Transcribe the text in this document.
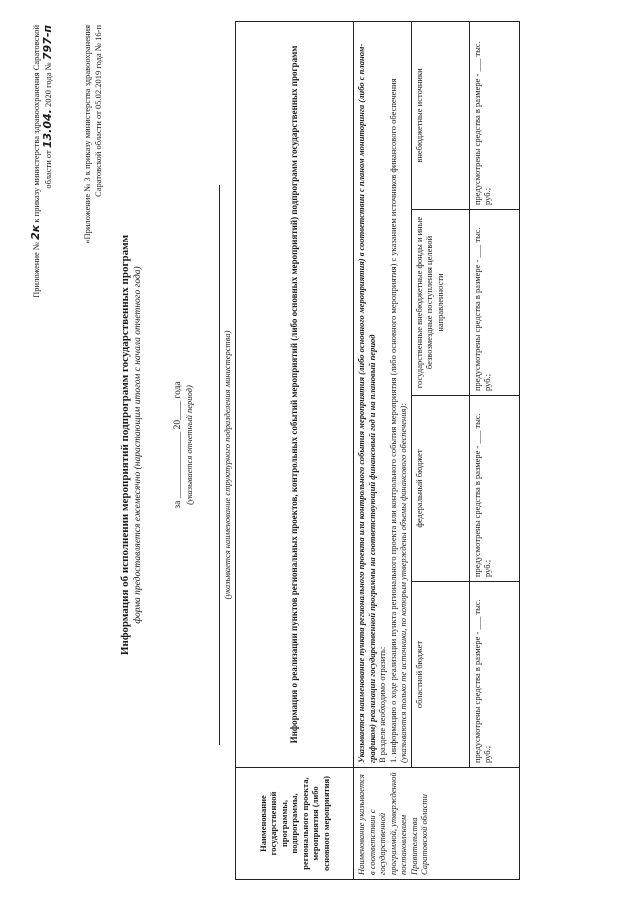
Приложение № 2к к приказу министерства здравоохранения Саратовской области от 13.04. 2020 года № 797-п	«Приложение № 3 к приказу министерства здравоохранения Саратовской области от 05.02.2019 года № 16-п
Информация об исполнении мероприятий подпрограмм государственных программ форма предоставляется ежемесячно (нарастающим итогом с начала отчетного года)	за ______________ 20____ года (указывается отчетный период)	(указывается наименование структурного подразделения министерства)
Наименование государственной программы, подпрограммы, регионального проекта, мероприятия (либо основного мероприятия)	Информация о реализации пунктов региональных проектов, контрольных событий мероприятий (либо основных мероприятий) подпрограмм государственных программ			
Наименование указывается в соответствии с государственной программой, утвержденной постановлением Правительства Саратовской области	Указывается наименование пункта регионального проекта или контрольного события мероприятия (либо основного мероприятия) в соответствии с планом мониторинга (либо с планом-графиком) реализации государственной программы на соответствующий финансовый год и на плановый период В разделе необходимо отразить: 1. информацию о ходе реализации пункта регионального проекта или контрольного события мероприятия (либо основного мероприятия) с указанием источников финансового обеспечения (указываются только те источники, по которым утверждены объемы финансового обеспечения):			

	областной бюджет	федеральный бюджет	государственные внебюджетные фонды и иные безвозмездные поступления целевой направленности	внебюджетные источники
	предусмотрены средства в размере - ___ тыс. руб.;	предусмотрены средства в размере - ___ тыс. руб.;	предусмотрены средства в размере - ___ тыс. руб.;	предусмотрены средства в размере - ___ тыс. руб.;
